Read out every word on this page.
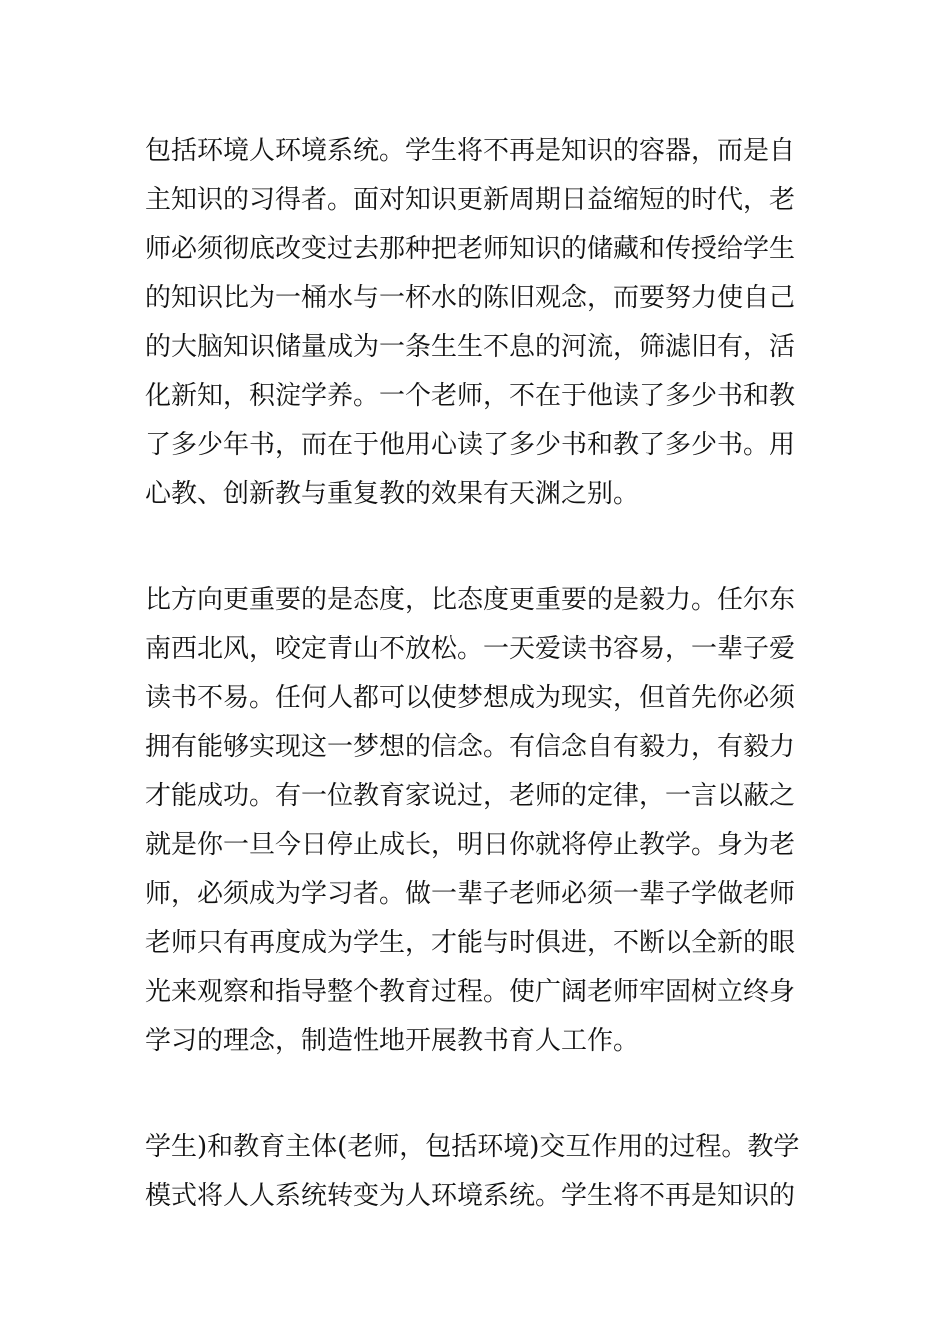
包括环境人环境系统。学生将不再是知识的容器，而是自
主知识的习得者。面对知识更新周期日益缩短的时代，老
师必须彻底改变过去那种把老师知识的储藏和传授给学生
的知识比为一桶水与一杯水的陈旧观念，而要努力使自己
的大脑知识储量成为一条生生不息的河流，筛滤旧有，活
化新知，积淀学养。一个老师，不在于他读了多少书和教
了多少年书，而在于他用心读了多少书和教了多少书。用
心教、创新教与重复教的效果有天渊之别。
比方向更重要的是态度，比态度更重要的是毅力。任尔东
南西北风，咬定青山不放松。一天爱读书容易，一辈子爱
读书不易。任何人都可以使梦想成为现实，但首先你必须
拥有能够实现这一梦想的信念。有信念自有毅力，有毅力
才能成功。有一位教育家说过，老师的定律，一言以蔽之
就是你一旦今日停止成长，明日你就将停止教学。身为老
师，必须成为学习者。做一辈子老师必须一辈子学做老师
老师只有再度成为学生，才能与时俱进，不断以全新的眼
光来观察和指导整个教育过程。使广阔老师牢固树立终身
学习的理念，制造性地开展教书育人工作。
学生)和教育主体(老师，包括环境)交互作用的过程。教学
模式将人人系统转变为人环境系统。学生将不再是知识的
